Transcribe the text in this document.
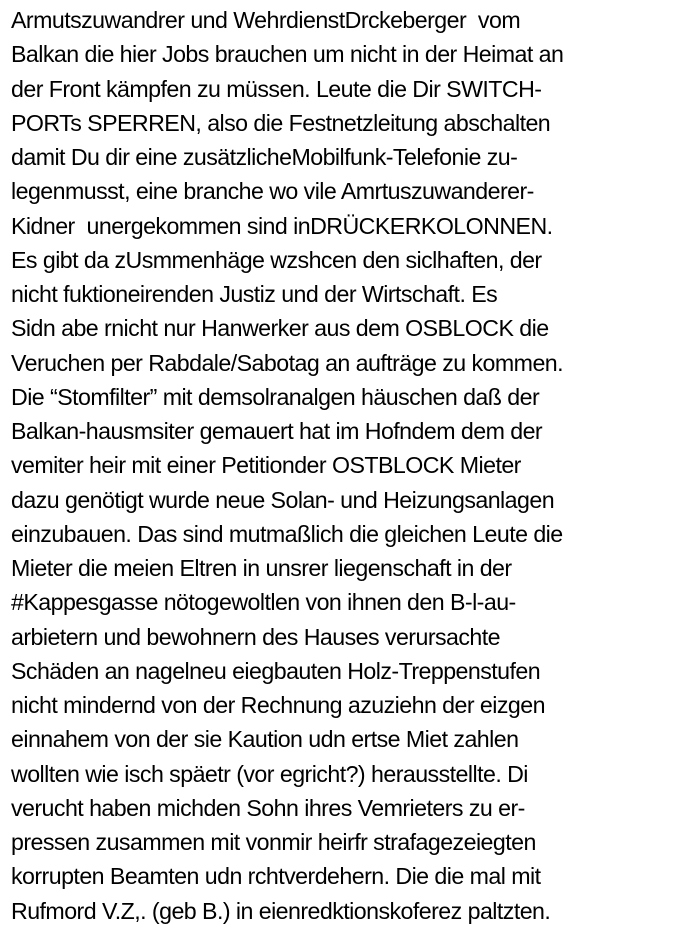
Armutszuwandrer und WehrdienstDrckeberger  vom
Balkan die hier Jobs brauchen um nicht in der Heimat an
der Front kämpfen zu müssen. Leute die Dir SWITCH-
PORTs SPERREN, also die Festnetzleitung abschalten
damit Du dir eine zusätzlicheMobilfunk-Telefonie zu-
legenmusst, eine branche wo vile Amrtuszuwanderer-
Kidner  unergekommen sind inDRÜCKERKOLONNEN.
Es gibt da zUsmmenhäge wzshcen den siclhaften, der
nicht fuktioneirenden Justiz und der Wirtschaft. Es
Sidn abe rnicht nur Hanwerker aus dem OSBLOCK die
Veruchen per Rabdale/Sabotag an aufträge zu kommen.
Die “Stomfilter” mit demsolranalgen häuschen daß der
Balkan-hausmsiter gemauert hat im Hofndem dem der
vemiter heir mit einer Petitionder OSTBLOCK Mieter
dazu genötigt wurde neue Solan- und Heizungsanlagen
einzubauen. Das sind mutmaßlich die gleichen Leute die
Mieter die meien Eltren in unsrer liegenschaft in der
#Kappesgasse nötogewoltlen von ihnen den B-l-au-
arbietern und bewohnern des Hauses verursachte
Schäden an nagelneu eiegbauten Holz-Treppenstufen
nicht mindernd von der Rechnung azuziehn der eizgen
einnahem von der sie Kaution udn ertse Miet zahlen
wollten wie isch späetr (vor egricht?) herausstellte. Di
verucht haben michden Sohn ihres Vemrieters zu er-
pressen zusammen mit vonmir heirfr strafagezeiegten
korrupten Beamten udn rchtverdehern. Die die mal mit
Rufmord V.Z,. (geb B.) in eienredktionskoferez paltzten.
